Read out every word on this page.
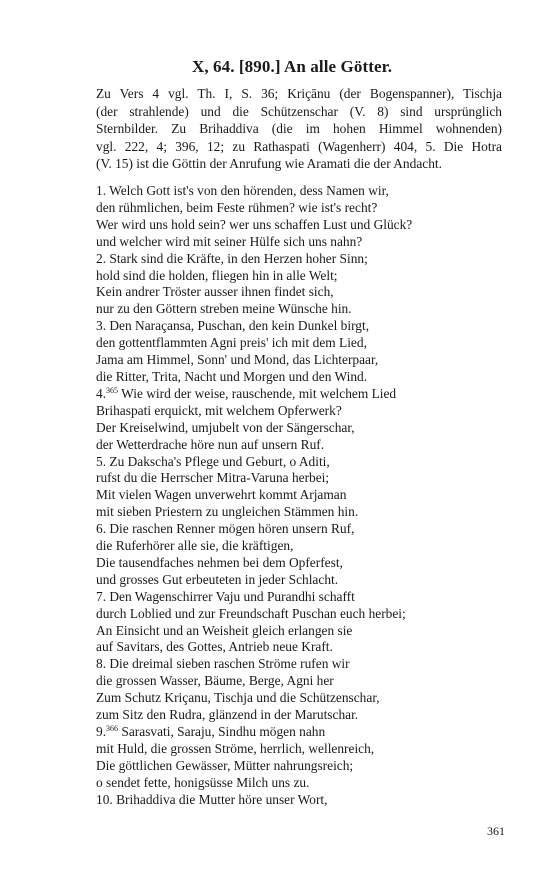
X, 64. [890.] An alle Götter.
Zu Vers 4 vgl. Th. I, S. 36; Kriçānu (der Bogenspanner), Tischja
(der strahlende) und die Schützenschar (V. 8) sind ursprünglich
Sternbilder. Zu Brihaddiva (die im hohen Himmel wohnenden)
vgl. 222, 4; 396, 12; zu Rathaspati (Wagenherr) 404, 5. Die Hotra
(V. 15) ist die Göttin der Anrufung wie Aramati die der Andacht.
1. Welch Gott ist's von den hörenden, dess Namen wir,
den rühmlichen, beim Feste rühmen? wie ist's recht?
Wer wird uns hold sein? wer uns schaffen Lust und Glück?
und welcher wird mit seiner Hülfe sich uns nahn?
2. Stark sind die Kräfte, in den Herzen hoher Sinn;
hold sind die holden, fliegen hin in alle Welt;
Kein andrer Tröster ausser ihnen findet sich,
nur zu den Göttern streben meine Wünsche hin.
3. Den Naraçansa, Puschan, den kein Dunkel birgt,
den gottentflammten Agni preis' ich mit dem Lied,
Jama am Himmel, Sonn' und Mond, das Lichterpaar,
die Ritter, Trita, Nacht und Morgen und den Wind.
4.$^{365}$ Wie wird der weise, rauschende, mit welchem Lied
Brihaspati erquickt, mit welchem Opferwerk?
Der Kreiselwind, umjubelt von der Sängerschar,
der Wetterdrache höre nun auf unsern Ruf.
5. Zu Dakscha's Pflege und Geburt, o Aditi,
rufst du die Herrscher Mitra-Varuna herbei;
Mit vielen Wagen unverwehrt kommt Arjaman
mit sieben Priestern zu ungleichen Stämmen hin.
6. Die raschen Renner mögen hören unsern Ruf,
die Ruferhörer alle sie, die kräftigen,
Die tausendfaches nehmen bei dem Opferfest,
und grosses Gut erbeuteten in jeder Schlacht.
7. Den Wagenschirrer Vaju und Purandhi schafft
durch Loblied und zur Freundschaft Puschan euch herbei;
An Einsicht und an Weisheit gleich erlangen sie
auf Savitars, des Gottes, Antrieb neue Kraft.
8. Die dreimal sieben raschen Ströme rufen wir
die grossen Wasser, Bäume, Berge, Agni her
Zum Schutz Kriçanu, Tischja und die Schützenschar,
zum Sitz den Rudra, glänzend in der Marutschar.
9.$^{366}$ Sarasvati, Saraju, Sindhu mögen nahn
mit Huld, die grossen Ströme, herrlich, wellenreich,
Die göttlichen Gewässer, Mütter nahrungsreich;
o sendet fette, honigsüsse Milch uns zu.
10. Brihaddiva die Mutter höre unser Wort,
361
